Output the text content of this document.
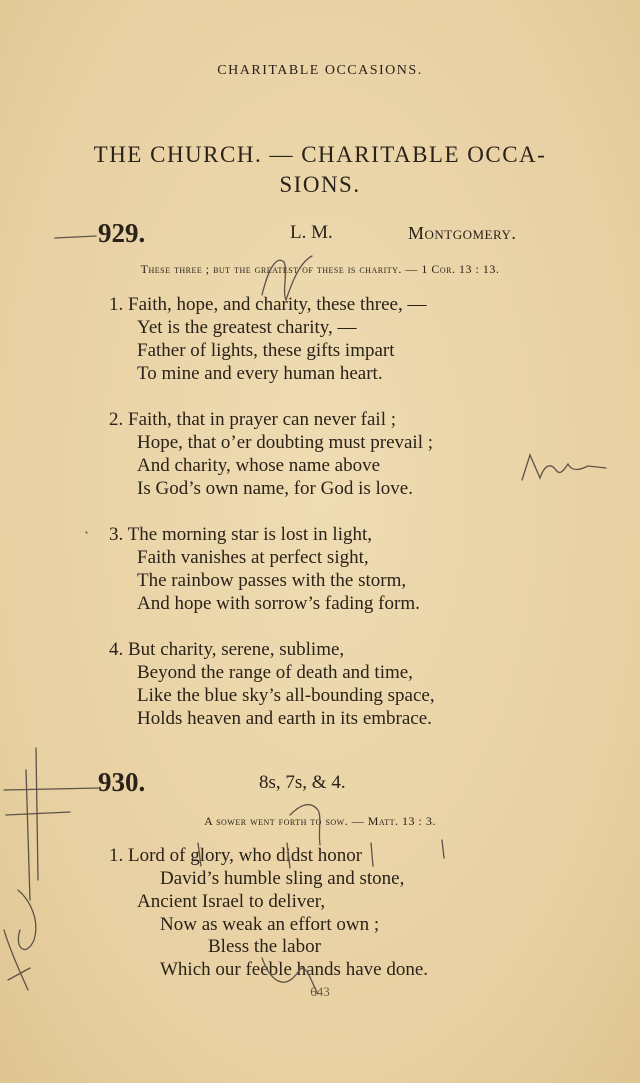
CHARITABLE OCCASIONS.
THE CHURCH. — CHARITABLE OCCA-
SIONS.
929.	L. M.	Montgomery.
These three ; but the greatest of these is charity. — 1 Cor. 13 : 13.
1. Faith, hope, and charity, these three, —
Yet is the greatest charity, —
Father of lights, these gifts impart
To mine and every human heart.
2. Faith, that in prayer can never fail ;
Hope, that o’er doubting must prevail ;
And charity, whose name above
Is God’s own name, for God is love.
3. The morning star is lost in light,
Faith vanishes at perfect sight,
The rainbow passes with the storm,
And hope with sorrow’s fading form.
4. But charity, serene, sublime,
Beyond the range of death and time,
Like the blue sky’s all-bounding space,
Holds heaven and earth in its embrace.
930.	8s, 7s, & 4.
A sower went forth to sow. — Matt. 13 : 3.
1. Lord of glory, who didst honor
David’s humble sling and stone,
Ancient Israel to deliver,
Now as weak an effort own ;
Bless the labor
Which our feeble hands have done.
643
